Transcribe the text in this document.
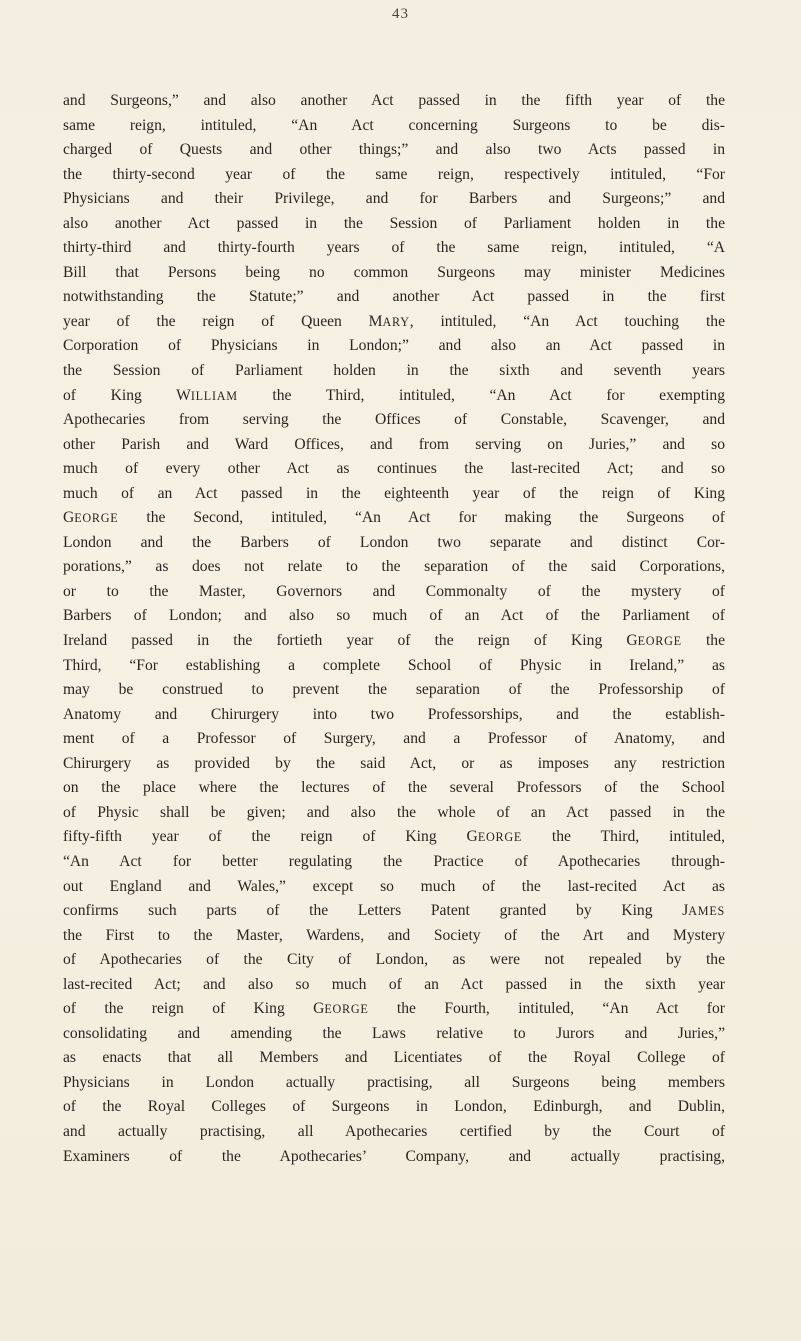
43
and Surgeons,” and also another Act passed in the fifth year of the
same reign, intituled, “An Act concerning Surgeons to be dis-
charged of Quests and other things;” and also two Acts passed in
the thirty-second year of the same reign, respectively intituled, “For
Physicians and their Privilege, and for Barbers and Surgeons;” and
also another Act passed in the Session of Parliament holden in the
thirty-third and thirty-fourth years of the same reign, intituled, “A
Bill that Persons being no common Surgeons may minister Medicines
notwithstanding the Statute;” and another Act passed in the first
year of the reign of Queen MARY, intituled, “An Act touching the
Corporation of Physicians in London;” and also an Act passed in
the Session of Parliament holden in the sixth and seventh years
of King WILLIAM the Third, intituled, “An Act for exempting
Apothecaries from serving the Offices of Constable, Scavenger, and
other Parish and Ward Offices, and from serving on Juries,” and so
much of every other Act as continues the last-recited Act; and so
much of an Act passed in the eighteenth year of the reign of King
GEORGE the Second, intituled, “An Act for making the Surgeons of
London and the Barbers of London two separate and distinct Cor-
porations,” as does not relate to the separation of the said Corporations,
or to the Master, Governors and Commonalty of the mystery of
Barbers of London; and also so much of an Act of the Parliament of
Ireland passed in the fortieth year of the reign of King GEORGE the
Third, “For establishing a complete School of Physic in Ireland,” as
may be construed to prevent the separation of the Professorship of
Anatomy and Chirurgery into two Professorships, and the establish-
ment of a Professor of Surgery, and a Professor of Anatomy, and
Chirurgery as provided by the said Act, or as imposes any restriction
on the place where the lectures of the several Professors of the School
of Physic shall be given; and also the whole of an Act passed in the
fifty-fifth year of the reign of King GEORGE the Third, intituled,
“An Act for better regulating the Practice of Apothecaries through-
out England and Wales,” except so much of the last-recited Act as
confirms such parts of the Letters Patent granted by King JAMES
the First to the Master, Wardens, and Society of the Art and Mystery
of Apothecaries of the City of London, as were not repealed by the
last-recited Act; and also so much of an Act passed in the sixth year
of the reign of King GEORGE the Fourth, intituled, “An Act for
consolidating and amending the Laws relative to Jurors and Juries,”
as enacts that all Members and Licentiates of the Royal College of
Physicians in London actually practising, all Surgeons being members
of the Royal Colleges of Surgeons in London, Edinburgh, and Dublin,
and actually practising, all Apothecaries certified by the Court of
Examiners of the Apothecaries’ Company, and actually practising,
